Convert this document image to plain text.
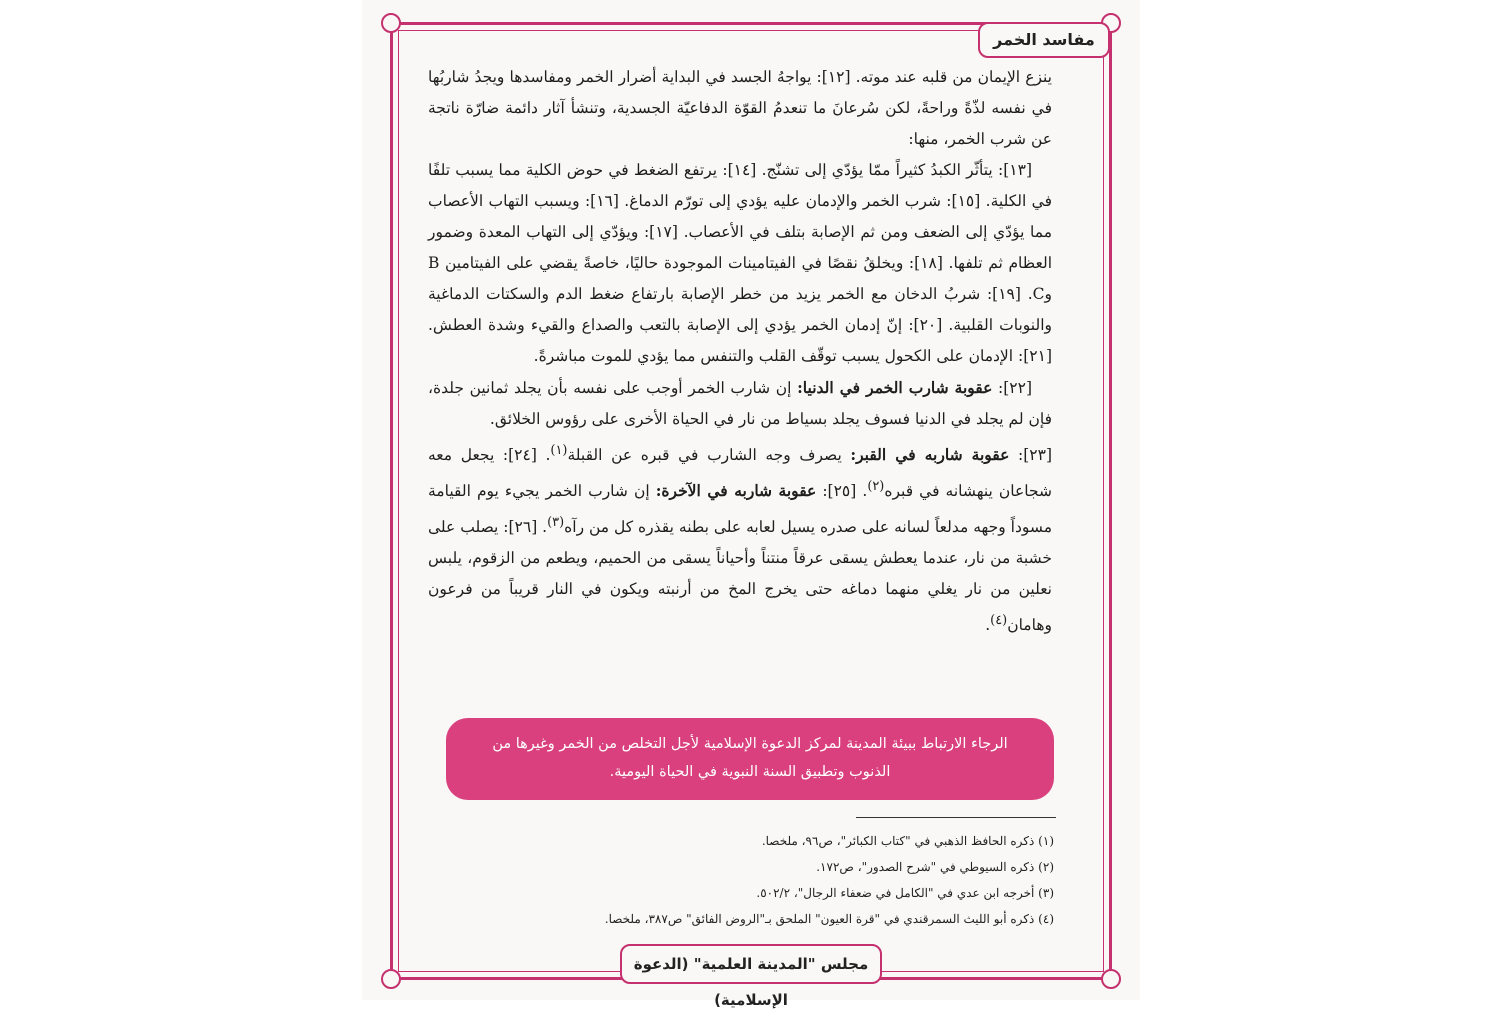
مفاسد الخمر

ينزع الإيمان من قلبه عند موته. [١٢]: يواجهُ الجسد في البداية أضرار الخمر ومفاسدها ويجدُ شاربُها في نفسه لذّةً وراحةً، لكن سُرعانَ ما تنعدمُ القوّة الدفاعيّة الجسدية، وتنشأ آثار دائمة ضارّة ناتجة عن شرب الخمر، منها:

[١٣]: يتأثّر الكبدُ كثيراً ممّا يؤدّي إلى تشنّج. [١٤]: يرتفع الضغط في حوض الكلية مما يسبب تلفًا في الكلية. [١٥]: شرب الخمر والإدمان عليه يؤدي إلى تورّم الدماغ. [١٦]: ويسبب التهاب الأعصاب مما يؤدّي إلى الضعف ومن ثم الإصابة بتلف في الأعصاب. [١٧]: ويؤدّي إلى التهاب المعدة وضمور العظام ثم تلفها. [١٨]: ويخلقُ نقصًا في الفيتامينات الموجودة حاليًا، خاصةً يقضي على الفيتامين B وC. [١٩]: شربُ الدخان مع الخمر يزيد من خطر الإصابة بارتفاع ضغط الدم والسكتات الدماغية والنوبات القلبية. [٢٠]: إنّ إدمان الخمر يؤدي إلى الإصابة بالتعب والصداع والقيء وشدة العطش. [٢١]: الإدمان على الكحول يسبب توقّف القلب والتنفس مما يؤدي للموت مباشرةً.

[٢٢]: عقوبة شارب الخمر في الدنيا: إن شارب الخمر أوجب على نفسه بأن يجلد ثمانين جلدة، فإن لم يجلد في الدنيا فسوف يجلد بسياط من نار في الحياة الأخرى على رؤوس الخلائق.

[٢٣]: عقوبة شاربه في القبر: يصرف وجه الشارب في قبره عن القبلة$^{(١)}$. [٢٤]: يجعل معه شجاعان ينهشانه في قبره$^{(٢)}$. [٢٥]: عقوبة شاربه في الآخرة: إن شارب الخمر يجيء يوم القيامة مسوداً وجهه مدلعاً لسانه على صدره يسيل لعابه على بطنه يقذره كل من رآه$^{(٣)}$. [٢٦]: يصلب على خشبة من نار، عندما يعطش يسقى عرقاً منتناً وأحياناً يسقى من الحميم، ويطعم من الزقوم، يلبس نعلين من نار يغلي منهما دماغه حتى يخرج المخ من أرنبته ويكون في النار قريباً من فرعون وهامان$^{(٤)}$.

الرجاء الارتباط ببيئة المدينة لمركز الدعوة الإسلامية لأجل التخلص من الخمر وغيرها من الذنوب وتطبيق السنة النبوية في الحياة اليومية.
(١) ذكره الحافظ الذهبي في "كتاب الكبائر"، ص٩٦، ملخصا.
(٢) ذكره السيوطي في "شرح الصدور"، ص١٧٢.
(٣) أخرجه ابن عدي في "الكامل في ضعفاء الرجال"، ٥٠٢/٢.
(٤) ذكره أبو الليث السمرقندي في "قرة العيون" الملحق بـ"الروض الفائق" ص٣٨٧، ملخصا.
مجلس "المدينة العلمية" (الدعوة الإسلامية)
